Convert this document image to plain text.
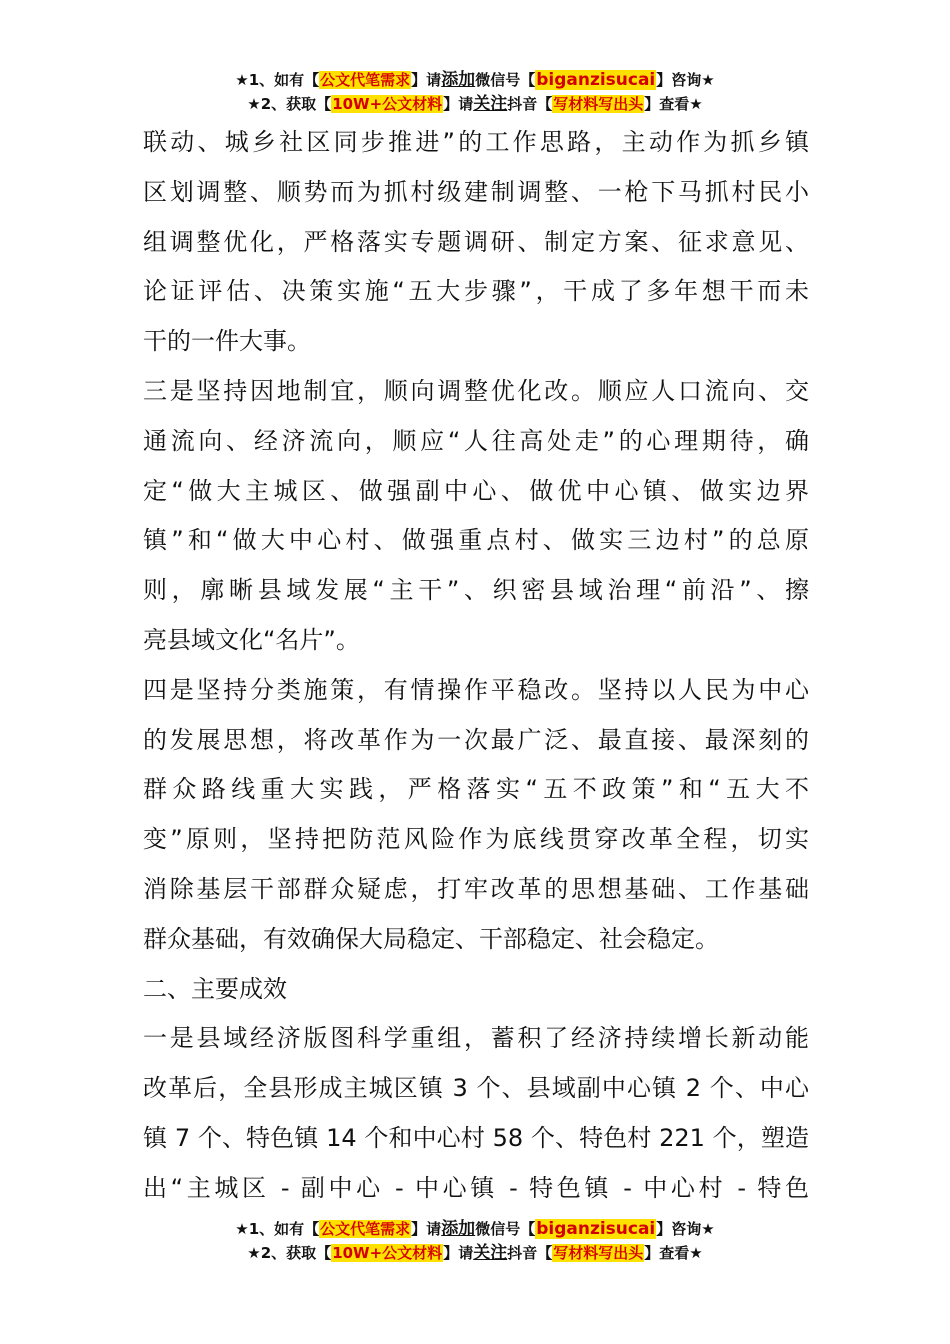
★1、如有【公文代笔需求】请添加微信号【biganzisucai】咨询★
★2、获取【10W+公文材料】请关注抖音【写材料写出头】查看★
联动、城乡社区同步推进”的工作思路，主动作为抓乡镇
区划调整、顺势而为抓村级建制调整、一枪下马抓村民小
组调整优化，严格落实专题调研、制定方案、征求意见、
论证评估、决策实施“五大步骤”，干成了多年想干而未
干的一件大事。
三是坚持因地制宜，顺向调整优化改。顺应人口流向、交
通流向、经济流向，顺应“人往高处走”的心理期待，确
定“做大主城区、做强副中心、做优中心镇、做实边界
镇”和“做大中心村、做强重点村、做实三边村”的总原
则，廓晰县域发展“主干”、织密县域治理“前沿”、擦
亮县域文化“名片”。
四是坚持分类施策，有情操作平稳改。坚持以人民为中心
的发展思想，将改革作为一次最广泛、最直接、最深刻的
群众路线重大实践，严格落实“五不政策”和“五大不
变”原则，坚持把防范风险作为底线贯穿改革全程，切实
消除基层干部群众疑虑，打牢改革的思想基础、工作基础
群众基础，有效确保大局稳定、干部稳定、社会稳定。
二、主要成效
一是县域经济版图科学重组，蓄积了经济持续增长新动能
改革后，全县形成主城区镇 3 个、县域副中心镇 2 个、中心
镇 7 个、特色镇 14 个和中心村 58 个、特色村 221 个，塑造
出“主城区 - 副中心 - 中心镇 - 特色镇 - 中心村 - 特色
★1、如有【公文代笔需求】请添加微信号【biganzisucai】咨询★
★2、获取【10W+公文材料】请关注抖音【写材料写出头】查看★
